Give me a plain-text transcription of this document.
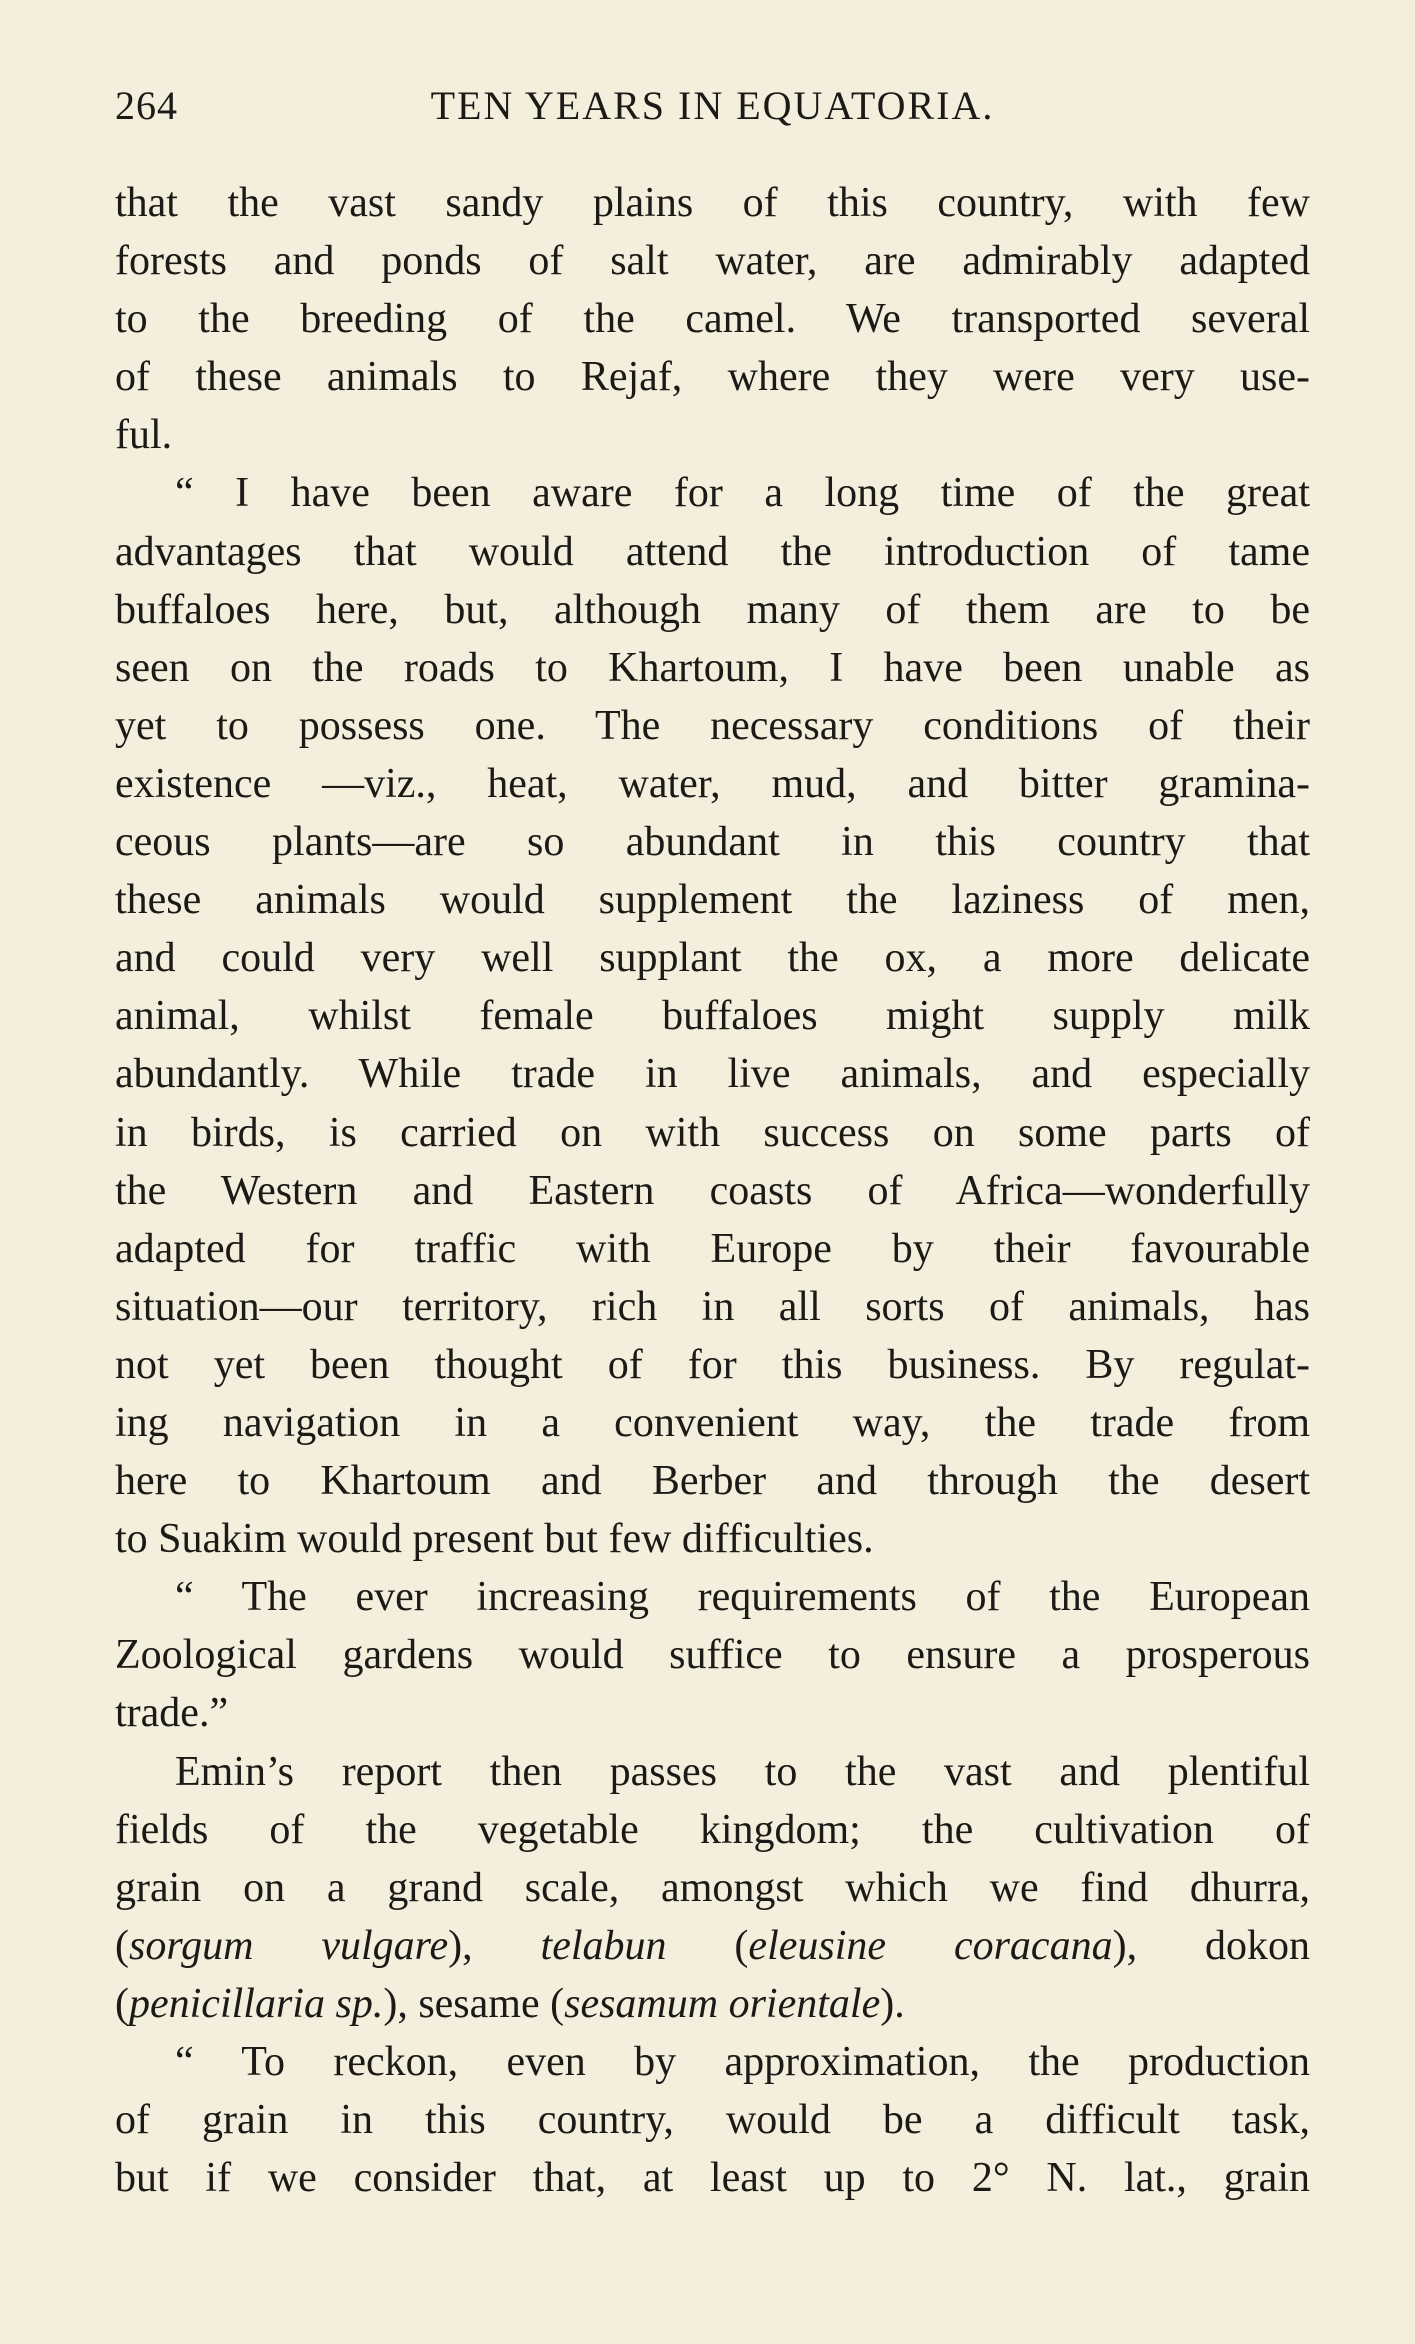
264	TEN YEARS IN EQUATORIA.
that the vast sandy plains of this country, with few
forests and ponds of salt water, are admirably adapted
to the breeding of the camel. We transported several
of these animals to Rejaf, where they were very use-
ful.
“ I have been aware for a long time of the great
advantages that would attend the introduction of tame
buffaloes here, but, although many of them are to be
seen on the roads to Khartoum, I have been unable as
yet to possess one. The necessary conditions of their
existence —viz., heat, water, mud, and bitter gramina-
ceous plants—are so abundant in this country that
these animals would supplement the laziness of men,
and could very well supplant the ox, a more delicate
animal, whilst female buffaloes might supply milk
abundantly. While trade in live animals, and especially
in birds, is carried on with success on some parts of
the Western and Eastern coasts of Africa—wonderfully
adapted for traffic with Europe by their favourable
situation—our territory, rich in all sorts of animals, has
not yet been thought of for this business. By regulat-
ing navigation in a convenient way, the trade from
here to Khartoum and Berber and through the desert
to Suakim would present but few difficulties.
“ The ever increasing requirements of the European
Zoological gardens would suffice to ensure a prosperous
trade.”
Emin’s report then passes to the vast and plentiful
fields of the vegetable kingdom; the cultivation of
grain on a grand scale, amongst which we find dhurra,
(sorgum vulgare), telabun (eleusine coracana), dokon
(penicillaria sp.), sesame (sesamum orientale).
“ To reckon, even by approximation, the production
of grain in this country, would be a difficult task,
but if we consider that, at least up to 2° N. lat., grain
